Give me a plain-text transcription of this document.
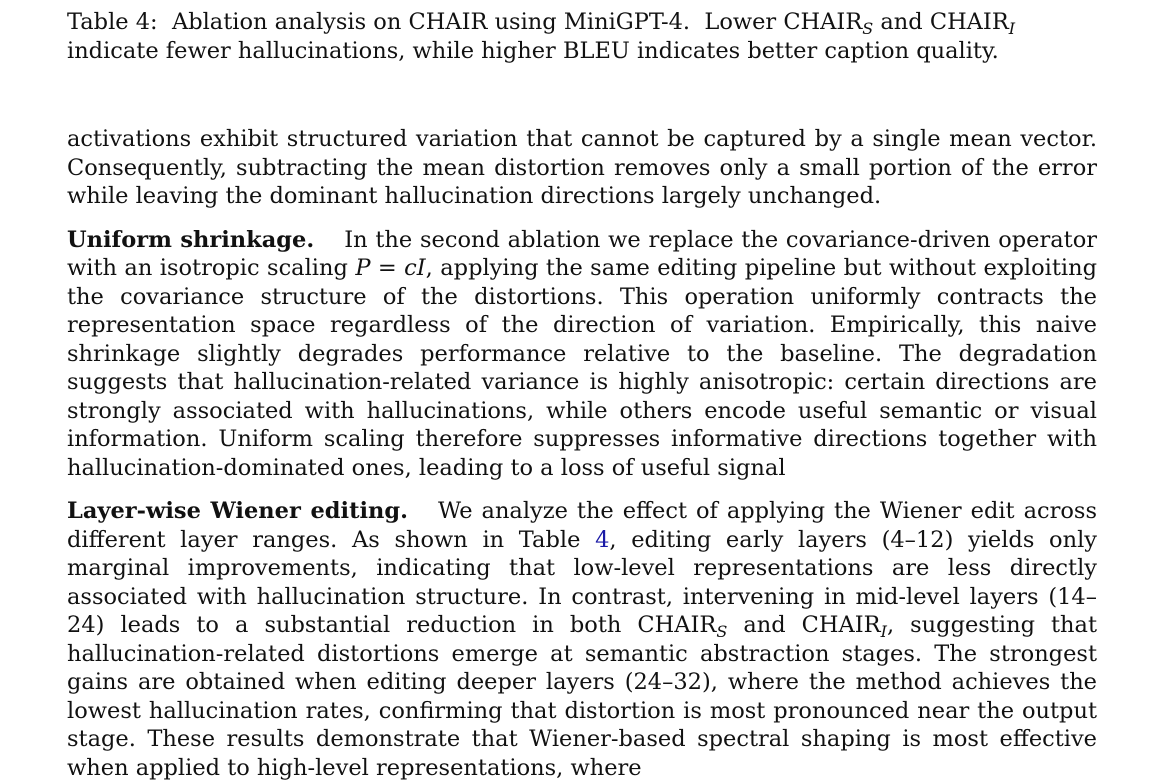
Table 4: Ablation analysis on CHAIR using MiniGPT-4. Lower $CHAIR_S$ and $CHAIR_I$
indicate fewer hallucinations, while higher BLEU indicates better caption quality.

activations exhibit structured variation that cannot be captured by a single mean vector. Consequently, subtracting the mean distortion removes only a small portion of the error while leaving the dominant hallucination directions largely unchanged.

Uniform shrinkage. In the second ablation we replace the covariance-driven operator with an isotropic scaling P = cI, applying the same editing pipeline but without exploiting the covariance structure of the distortions. This operation uniformly contracts the representation space regardless of the direction of variation. Empirically, this naive shrinkage slightly degrades performance relative to the baseline. The degradation suggests that hallucination-related variance is highly anisotropic: certain directions are strongly associated with hallucinations, while others encode useful semantic or visual information. Uniform scaling therefore suppresses informative directions together with hallucination-dominated ones, leading to a loss of useful signal

Layer-wise Wiener editing. We analyze the effect of applying the Wiener edit across different layer ranges. As shown in Table 4, editing early layers (4–12) yields only marginal improvements, indicating that low-level representations are less directly associated with hallucination structure. In contrast, intervening in mid-level layers (14–24) leads to a substantial reduction in both $CHAIR_S$ and $CHAIR_I$, suggesting that hallucination-related distortions emerge at semantic abstraction stages. The strongest gains are obtained when editing deeper layers (24–32), where the method achieves the lowest hallucination rates, confirming that distortion is most pronounced near the output stage. These results demonstrate that Wiener-based spectral shaping is most effective when applied to high-level representations, where
